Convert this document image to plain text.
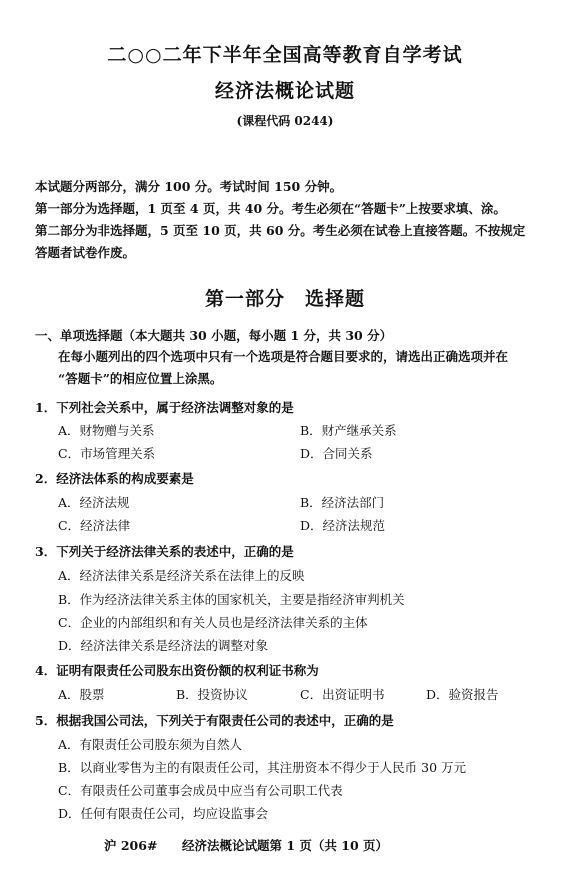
二○○二年下半年全国高等教育自学考试
经济法概论试题
(课程代码 0244)

本试题分两部分，满分 100 分。考试时间 150 分钟。

第一部分为选择题，1 页至 4 页，共 40 分。考生必须在“答题卡”上按要求填、涂。

第二部分为非选择题，5 页至 10 页，共 60 分。考生必须在试卷上直接答题。不按规定

答题者试卷作废。

第一部分　选择题
一、单项选择题（本大题共 30 小题，每小题 1 分，共 30 分）
在每小题列出的四个选项中只有一个选项是符合题目要求的，请选出正确选项并在
“答题卡”的相应位置上涂黑。
1．下列社会关系中，属于经济法调整对象的是
A．财物赠与关系	B．财产继承关系
C．市场管理关系	D．合同关系
2．经济法体系的构成要素是
A．经济法规	B．经济法部门
C．经济法律	D．经济法规范
3．下列关于经济法律关系的表述中，正确的是
A．经济法律关系是经济关系在法律上的反映
B．作为经济法律关系主体的国家机关，主要是指经济审判机关
C．企业的内部组织和有关人员也是经济法律关系的主体
D．经济法律关系是经济法的调整对象
4．证明有限责任公司股东出资份额的权利证书称为
A．股票	B．投资协议	C．出资证明书	D．验资报告
5．根据我国公司法，下列关于有限责任公司的表述中，正确的是
A．有限责任公司股东须为自然人
B．以商业零售为主的有限责任公司，其注册资本不得少于人民币 30 万元
C．有限责任公司董事会成员中应当有公司职工代表
D．任何有限责任公司，均应设监事会
沪 206# 经济法概论试题第 1 页（共 10 页）
